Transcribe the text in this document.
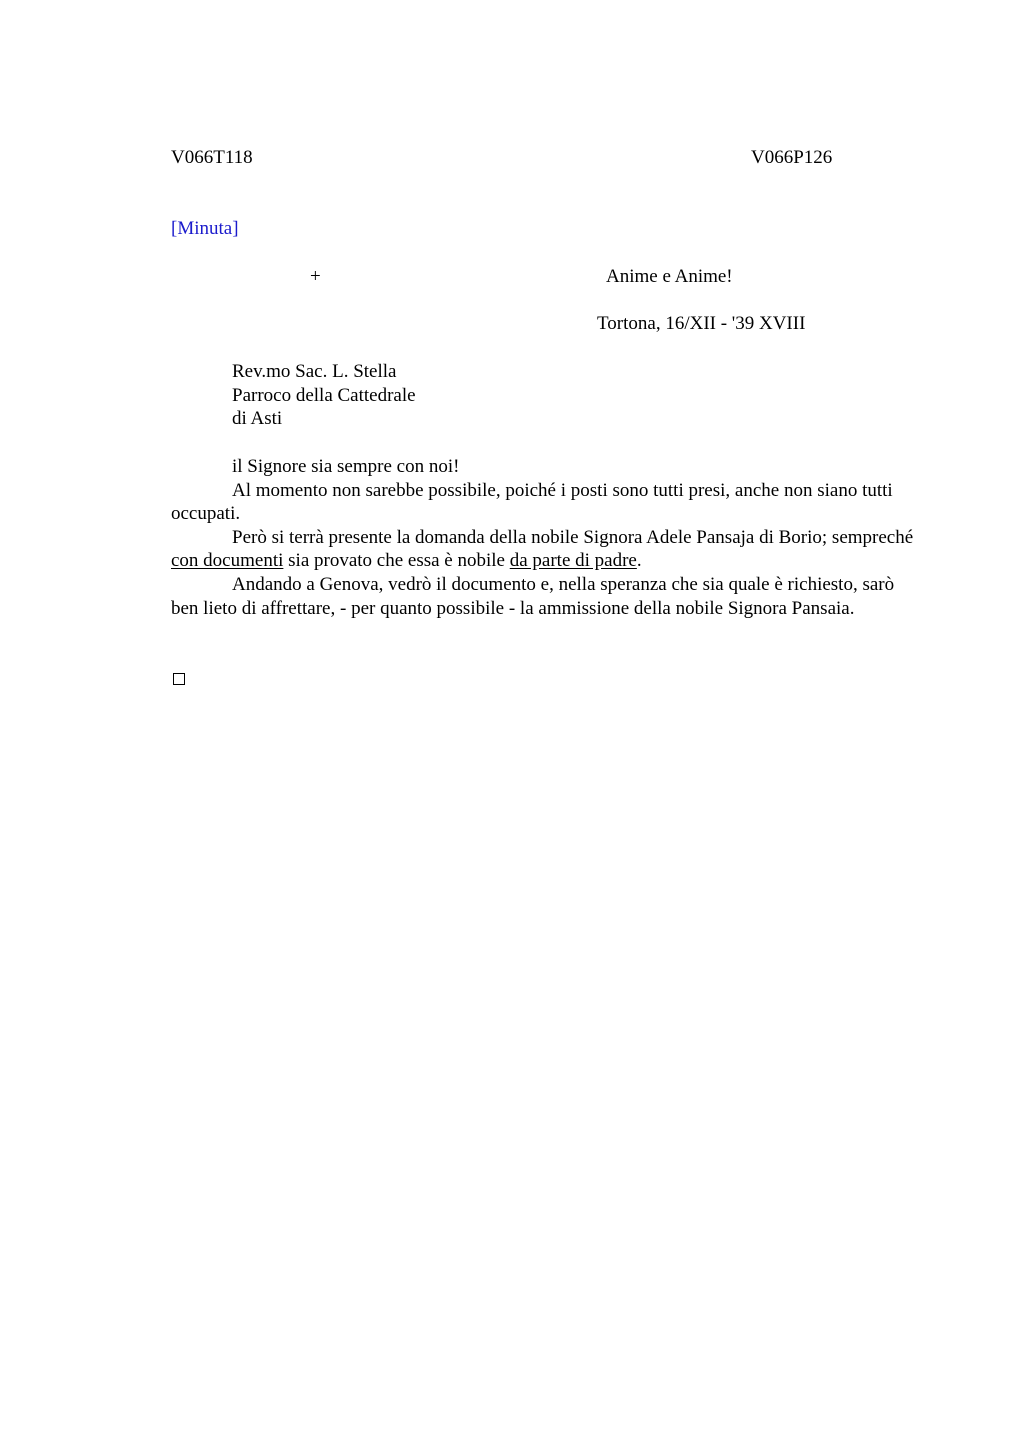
V066T118	V066P126
[Minuta]
+	Anime e Anime!
Tortona, 16/XII - '39 XVIII
Rev.mo Sac. L. Stella
Parroco della Cattedrale
di Asti

il Signore sia sempre con noi!

Al momento non sarebbe possibile, poiché i posti sono tutti presi, anche non siano tutti occupati.

Però si terrà presente la domanda della nobile Signora Adele Pansaja di Borio; sempreché con documenti sia provato che essa è nobile da parte di padre.

Andando a Genova, vedrò il documento e, nella speranza che sia quale è richiesto, sarò ben lieto di affrettare, - per quanto possibile - la ammissione della nobile Signora Pansaia.
